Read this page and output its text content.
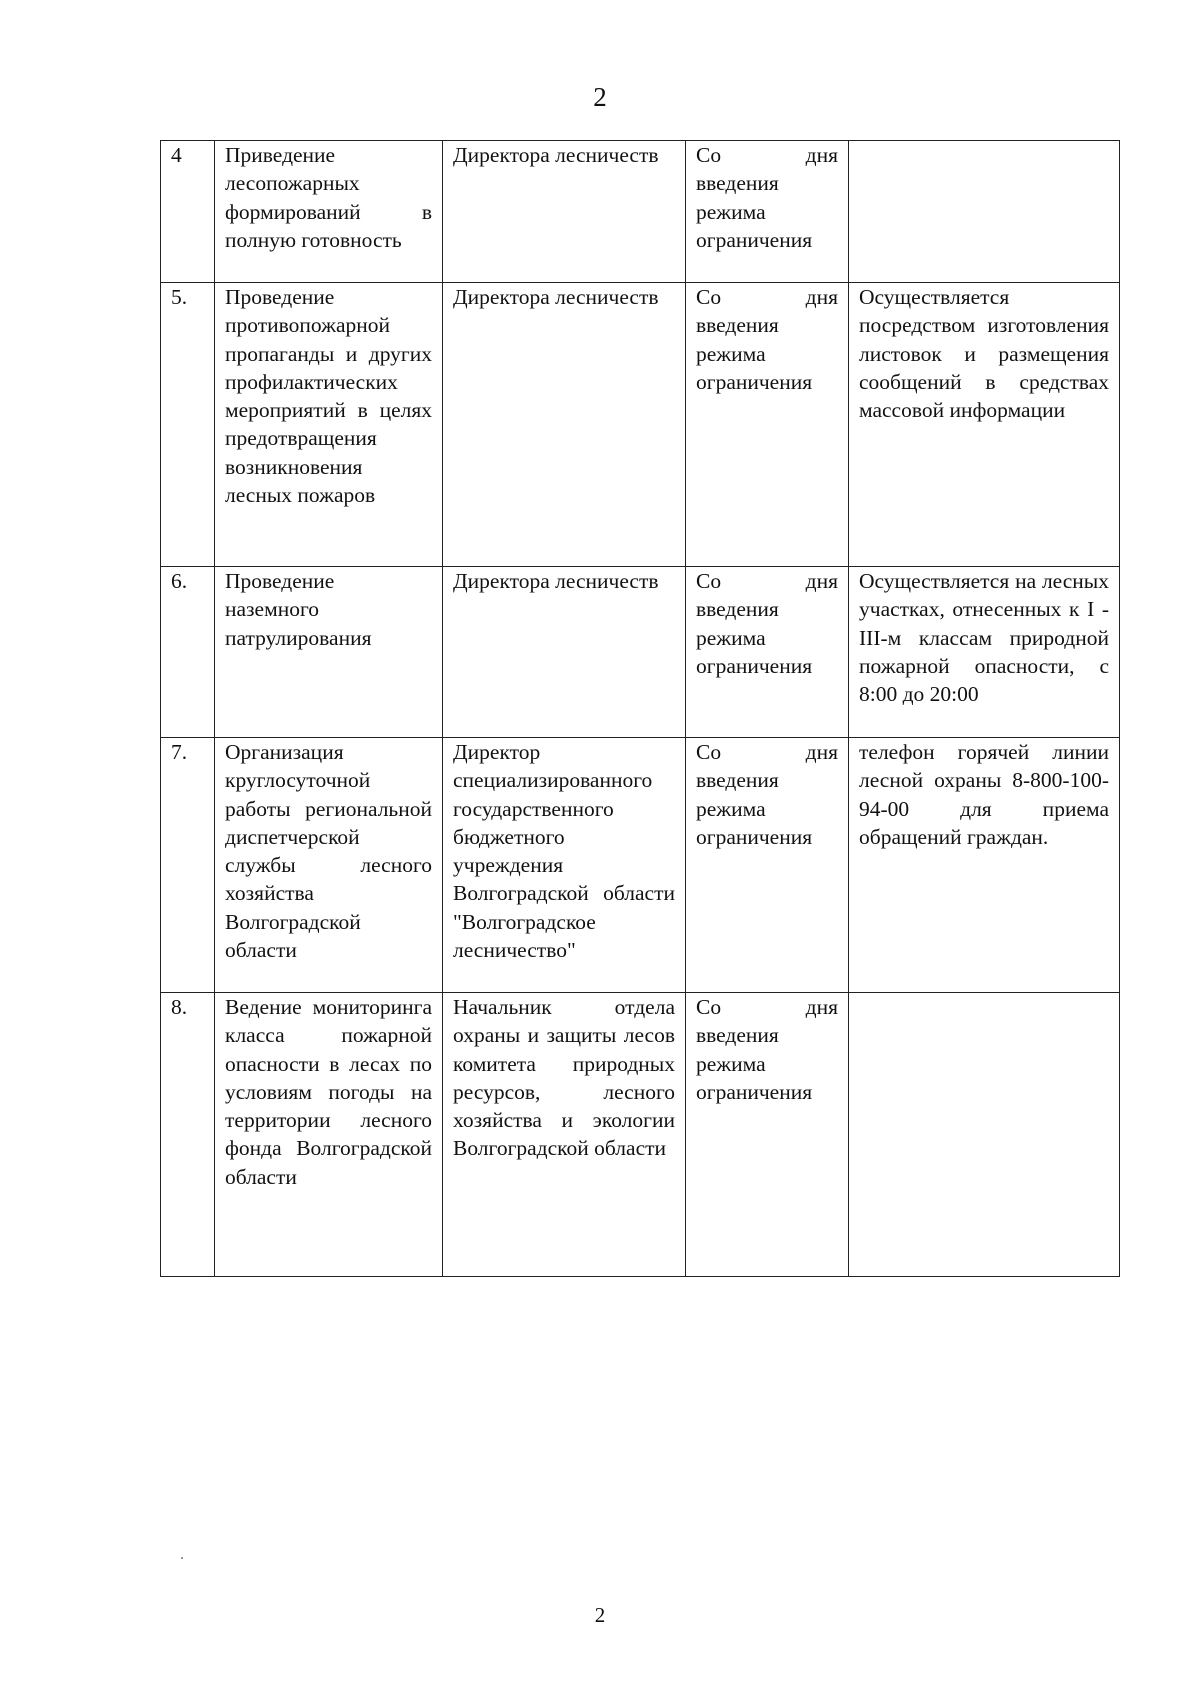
2
4	Приведение лесопожарных формирований в полную готовность	Директора лесничеств	Со дня введения режима ограничения	
5.	Проведение противопожарной пропаганды и других профилактических мероприятий в целях предотвращения возникновения лесных пожаров	Директора лесничеств	Со дня введения режима ограничения	Осуществляется посредством изготовления листовок и размещения сообщений в средствах массовой информации
6.	Проведение наземного патрулирования	Директора лесничеств	Со дня введения режима ограничения	Осуществляется на лесных участках, отнесенных к I - III-м классам природной пожарной опасности, с 8:00 до 20:00
7.	Организация круглосуточной работы региональной диспетчерской службы лесного хозяйства Волгоградской области	Директор специализированного государственного бюджетного учреждения Волгоградской области "Волгоградское лесничество"	Со дня введения режима ограничения	телефон горячей линии лесной охраны 8-800-100-94-00 для приема обращений граждан.
8.	Ведение мониторинга класса пожарной опасности в лесах по условиям погоды на территории лесного фонда Волгоградской области	Начальник отдела охраны и защиты лесов комитета природных ресурсов, лесного хозяйства и экологии Волгоградской области	Со дня введения режима ограничения	
2
